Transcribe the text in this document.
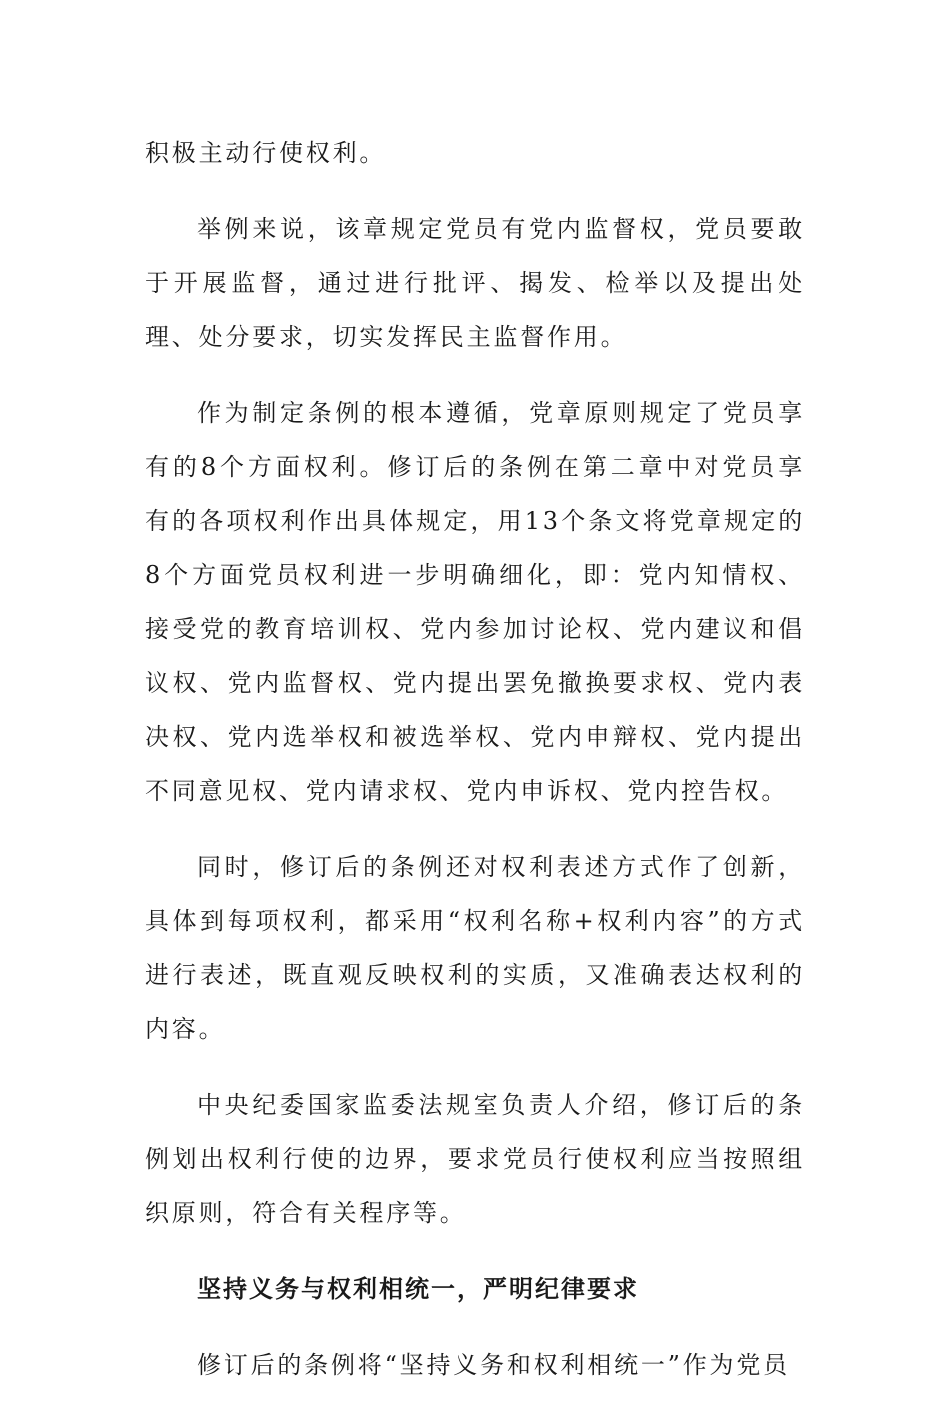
积极主动行使权利。

举例来说，该章规定党员有党内监督权，党员要敢于开展监督，通过进行批评、揭发、检举以及提出处理、处分要求，切实发挥民主监督作用。

作为制定条例的根本遵循，党章原则规定了党员享有的8个方面权利。修订后的条例在第二章中对党员享有的各项权利作出具体规定，用13个条文将党章规定的8个方面党员权利进一步明确细化，即：党内知情权、接受党的教育培训权、党内参加讨论权、党内建议和倡议权、党内监督权、党内提出罢免撤换要求权、党内表决权、党内选举权和被选举权、党内申辩权、党内提出不同意见权、党内请求权、党内申诉权、党内控告权。

同时，修订后的条例还对权利表述方式作了创新，具体到每项权利，都采用“权利名称+权利内容”的方式进行表述，既直观反映权利的实质，又准确表达权利的内容。

中央纪委国家监委法规室负责人介绍，修订后的条例划出权利行使的边界，要求党员行使权利应当按照组织原则，符合有关程序等。

坚持义务与权利相统一，严明纪律要求

修订后的条例将“坚持义务和权利相统一”作为党员
